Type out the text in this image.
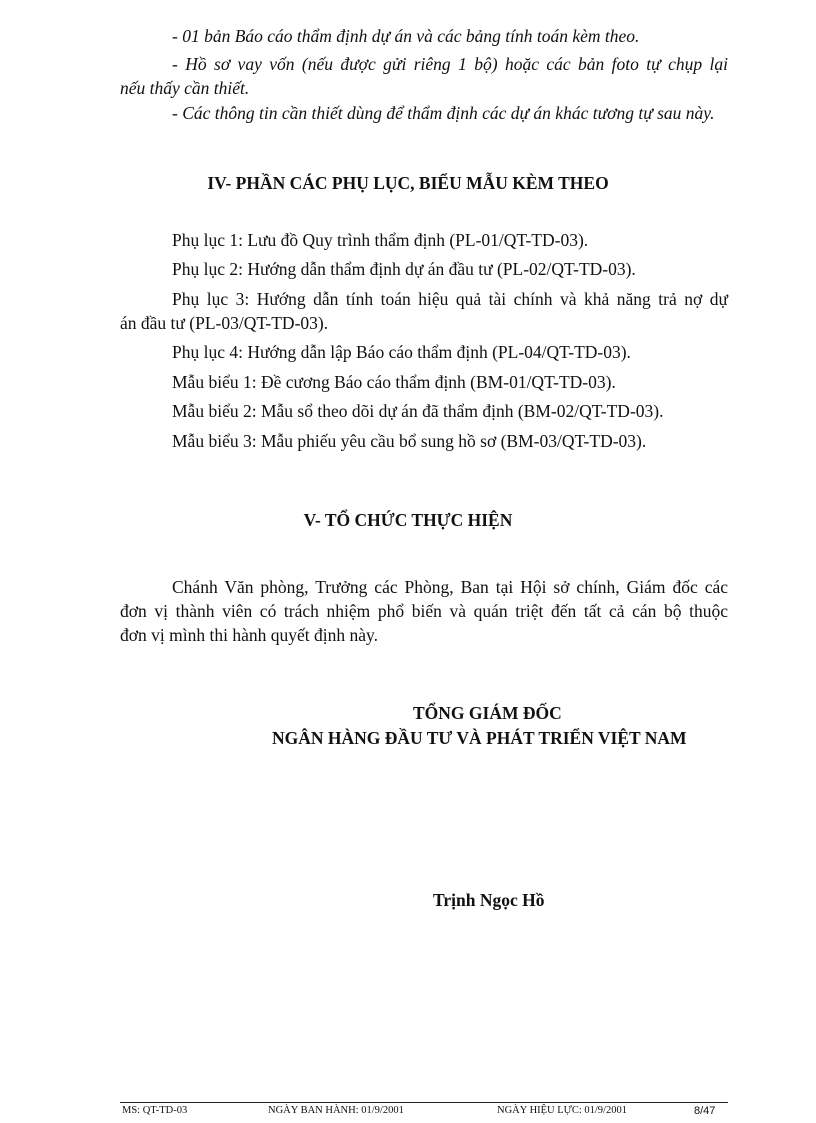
- 01 bản Báo cáo thẩm định dự án và các bảng tính toán kèm theo.
- Hồ sơ vay vốn (nếu được gửi riêng 1 bộ) hoặc các bản foto tự chụp lại
nếu thấy cần thiết.
- Các thông tin cần thiết dùng để thẩm định các dự án khác tương tự sau này.
IV- PHẦN CÁC PHỤ LỤC, BIỂU MẪU KÈM THEO
Phụ lục 1: Lưu đồ Quy trình thẩm định (PL-01/QT-TD-03).
Phụ lục 2: Hướng dẫn thẩm định dự án đầu tư (PL-02/QT-TD-03).
Phụ lục 3: Hướng dẫn tính toán hiệu quả tài chính và khả năng trả nợ dự
án đầu tư (PL-03/QT-TD-03).
Phụ lục 4: Hướng dẫn lập Báo cáo thẩm định (PL-04/QT-TD-03).
Mẫu biểu 1: Đề cương Báo cáo thẩm định (BM-01/QT-TD-03).
Mẫu biểu 2: Mẫu sổ theo dõi dự án đã thẩm định (BM-02/QT-TD-03).
Mẫu biểu 3: Mẫu phiếu yêu cầu bổ sung hồ sơ (BM-03/QT-TD-03).
V- TỔ CHỨC THỰC HIỆN
Chánh Văn phòng, Trưởng các Phòng, Ban tại Hội sở chính, Giám đốc các
đơn vị thành viên có trách nhiệm phổ biến và quán triệt đến tất cả cán bộ thuộc
đơn vị mình thi hành quyết định này.
TỔNG GIÁM ĐỐC
NGÂN HÀNG ĐẦU TƯ VÀ PHÁT TRIỂN VIỆT NAM
Trịnh Ngọc Hồ
MS: QT-TD-03	NGÀY BAN HÀNH: 01/9/2001	NGÀY HIỆU LỰC: 01/9/2001	8/47
